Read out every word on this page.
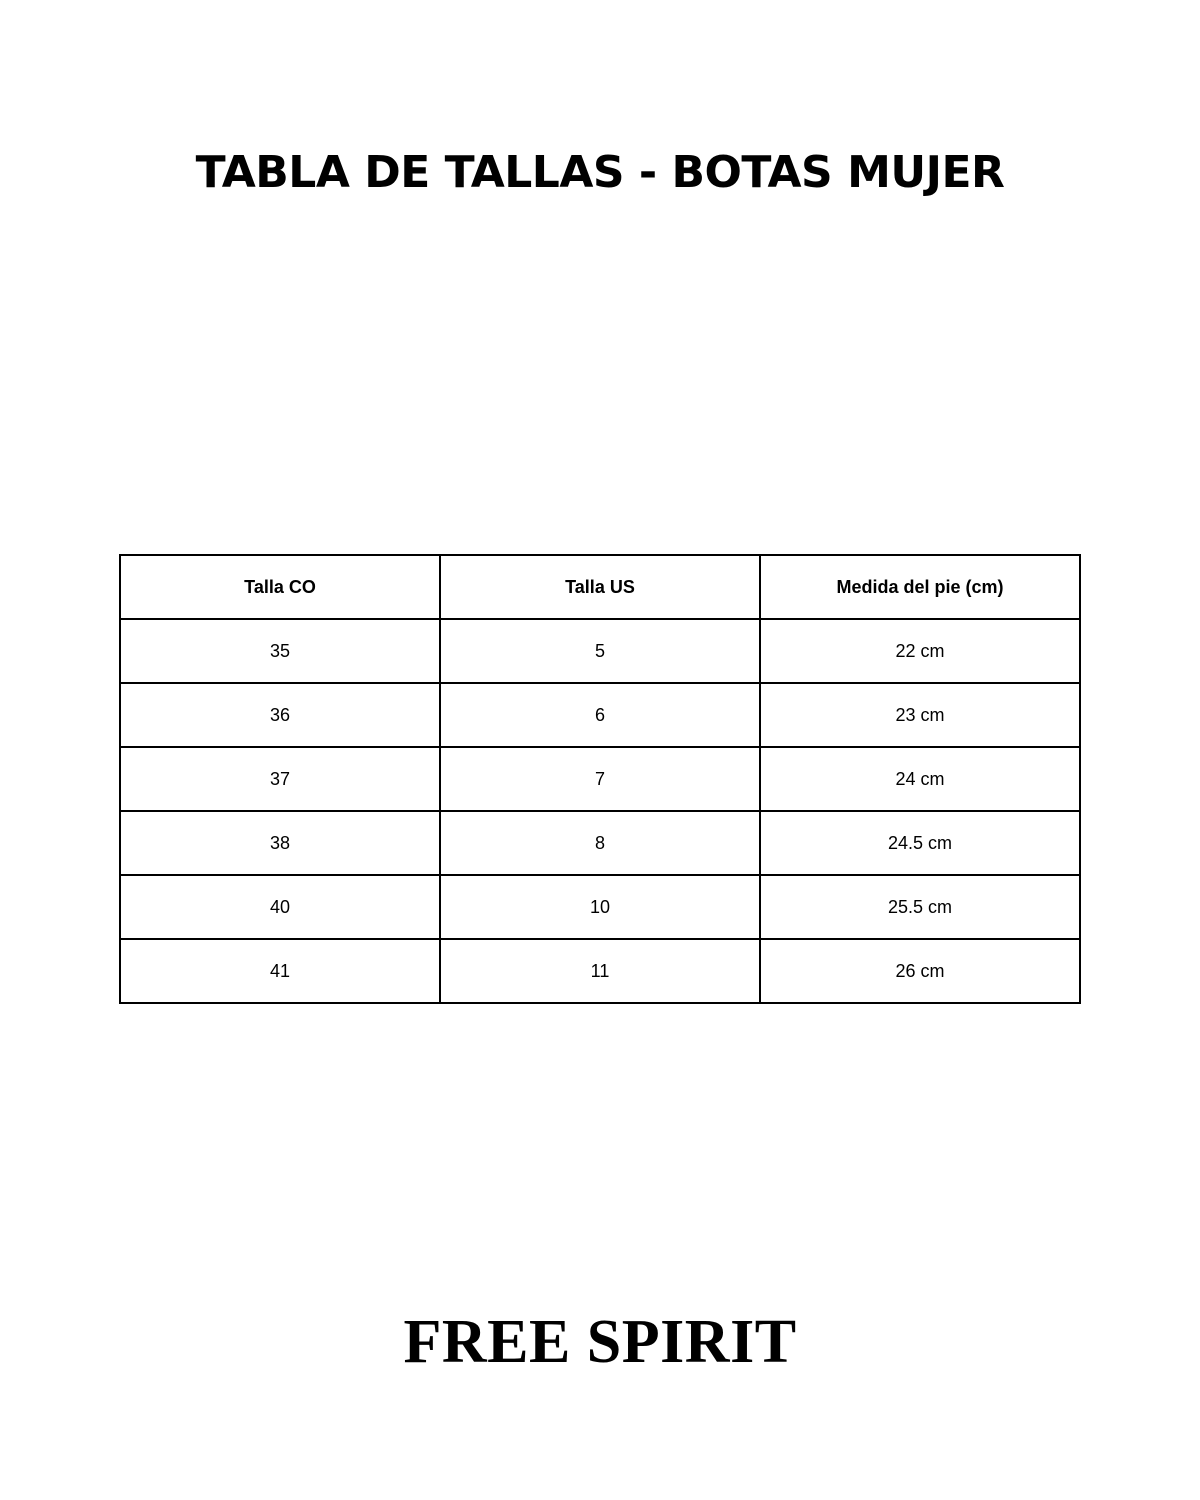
TABLA DE TALLAS - BOTAS MUJER
Talla CO	Talla US	Medida del pie (cm)
35	5	22 cm
36	6	23 cm
37	7	24 cm
38	8	24.5 cm
40	10	25.5 cm
41	11	26 cm
FREE SPIRIT
